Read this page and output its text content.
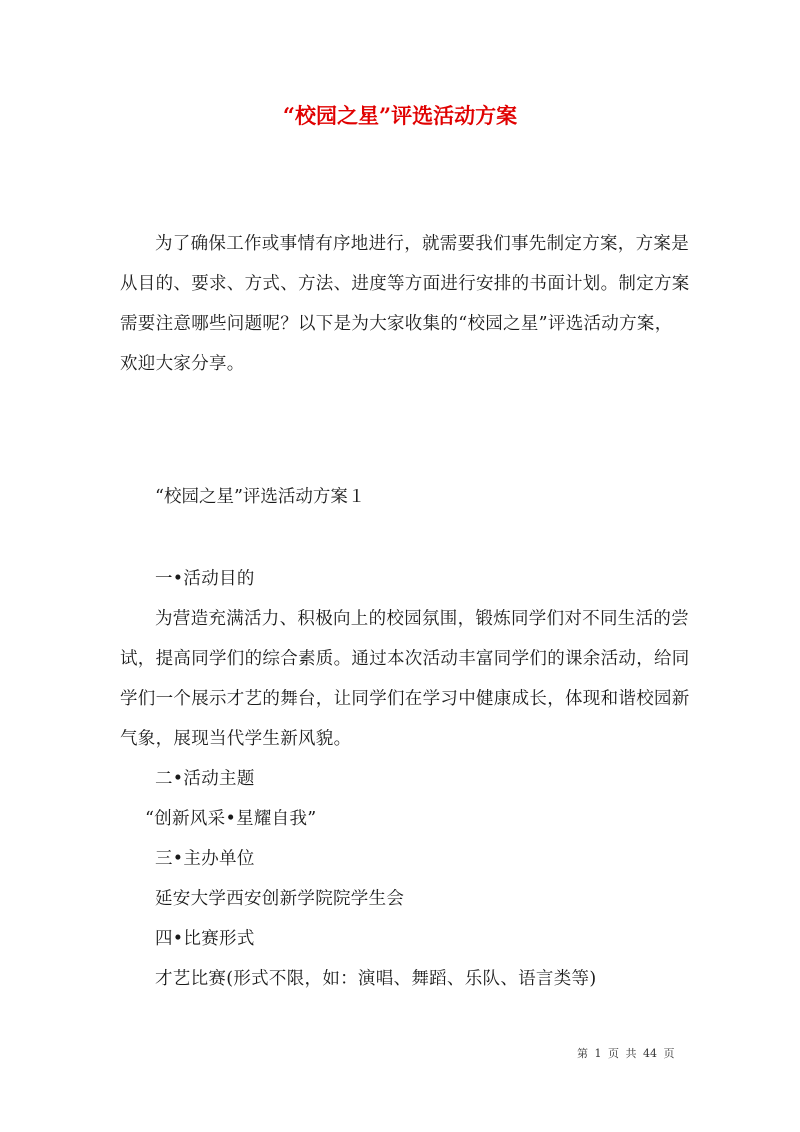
“校园之星”评选活动方案

为了确保工作或事情有序地进行，就需要我们事先制定方案，方案是从目的、要求、方式、方法、进度等方面进行安排的书面计划。制定方案需要注意哪些问题呢？以下是为大家收集的“校园之星”评选活动方案，欢迎大家分享。

“校园之星”评选活动方案１

一•活动目的

为营造充满活力、积极向上的校园氛围，锻炼同学们对不同生活的尝试，提高同学们的综合素质。通过本次活动丰富同学们的课余活动，给同学们一个展示才艺的舞台，让同学们在学习中健康成长，体现和谐校园新气象，展现当代学生新风貌。

二•活动主题

“创新风采•星耀自我”

三•主办单位

延安大学西安创新学院院学生会

四•比赛形式

才艺比赛(形式不限，如：演唱、舞蹈、乐队、语言类等)

第 1 页 共 44 页
